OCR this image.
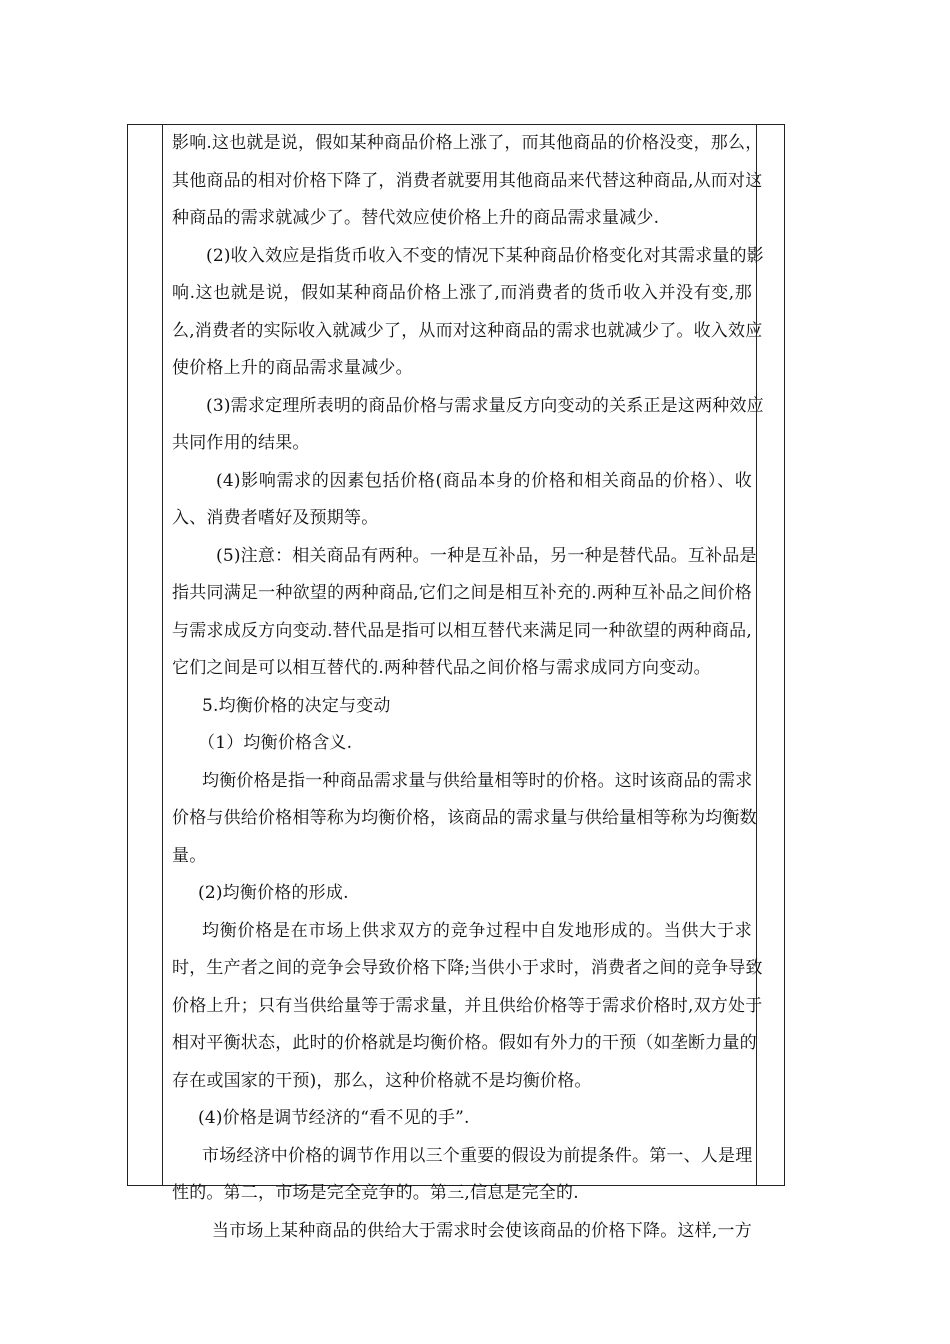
影响.这也就是说，假如某种商品价格上涨了，而其他商品的价格没变，那么，
其他商品的相对价格下降了，消费者就要用其他商品来代替这种商品,从而对这
种商品的需求就减少了。替代效应使价格上升的商品需求量减少.
(2)收入效应是指货币收入不变的情况下某种商品价格变化对其需求量的影
响.这也就是说，假如某种商品价格上涨了,而消费者的货币收入并没有变,那
么,消费者的实际收入就减少了，从而对这种商品的需求也就减少了。收入效应
使价格上升的商品需求量减少。
(3)需求定理所表明的商品价格与需求量反方向变动的关系正是这两种效应
共同作用的结果。
(4)影响需求的因素包括价格(商品本身的价格和相关商品的价格）、收
入、消费者嗜好及预期等。
(5)注意：相关商品有两种。一种是互补品，另一种是替代品。互补品是
指共同满足一种欲望的两种商品,它们之间是相互补充的.两种互补品之间价格
与需求成反方向变动.替代品是指可以相互替代来满足同一种欲望的两种商品,
它们之间是可以相互替代的.两种替代品之间价格与需求成同方向变动。
5.均衡价格的决定与变动
（1）均衡价格含义.
均衡价格是指一种商品需求量与供给量相等时的价格。这时该商品的需求
价格与供给价格相等称为均衡价格，该商品的需求量与供给量相等称为均衡数
量。
(2)均衡价格的形成.
均衡价格是在市场上供求双方的竞争过程中自发地形成的。当供大于求
时，生产者之间的竞争会导致价格下降;当供小于求时，消费者之间的竞争导致
价格上升；只有当供给量等于需求量，并且供给价格等于需求价格时,双方处于
相对平衡状态，此时的价格就是均衡价格。假如有外力的干预（如垄断力量的
存在或国家的干预)，那么，这种价格就不是均衡价格。
(4)价格是调节经济的“看不见的手”.
市场经济中价格的调节作用以三个重要的假设为前提条件。第一、人是理
性的。第二，市场是完全竞争的。第三,信息是完全的.
当市场上某种商品的供给大于需求时会使该商品的价格下降。这样,一方
